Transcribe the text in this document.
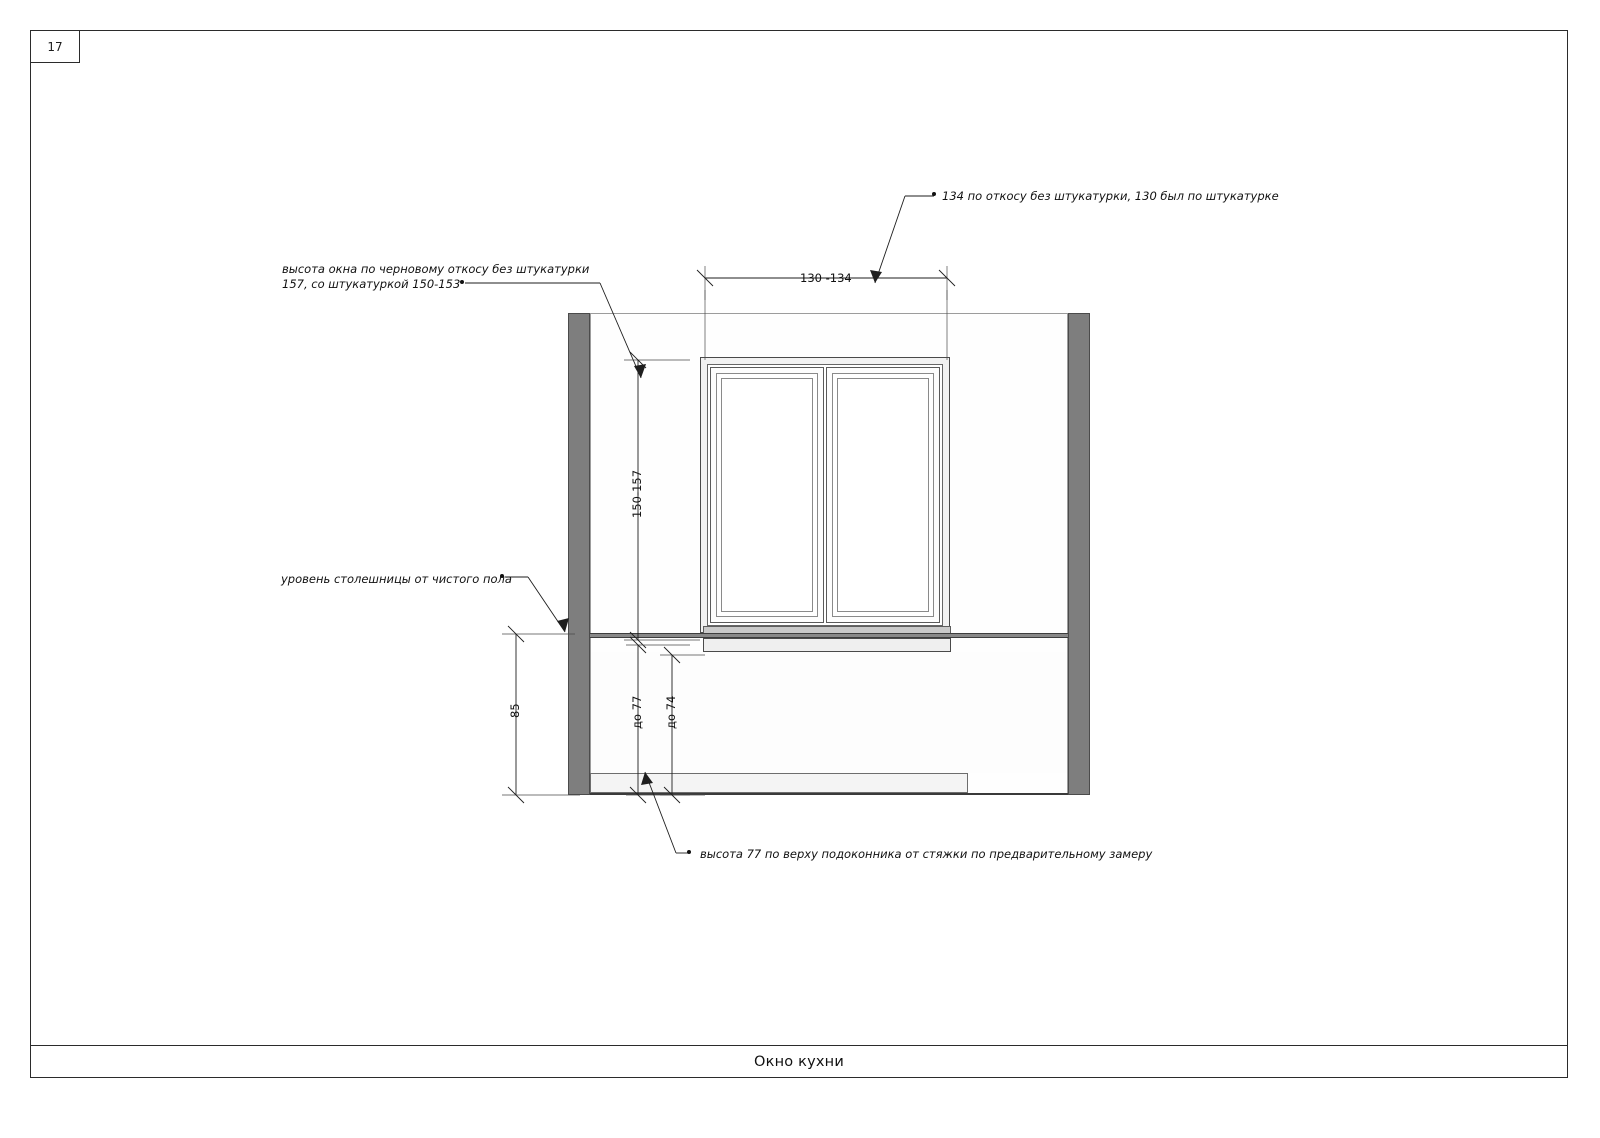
17
134 по откосу без штукатурки, 130 был по штукатурке
высота окна по черновому откосу без штукатурки
157, со штукатуркой 150-153
уровень столешницы от чистого пола
высота 77 по верху подоконника от стяжки по предварительному замеру
130 -134
150-157
85	до 77 до 74
Окно кухни
